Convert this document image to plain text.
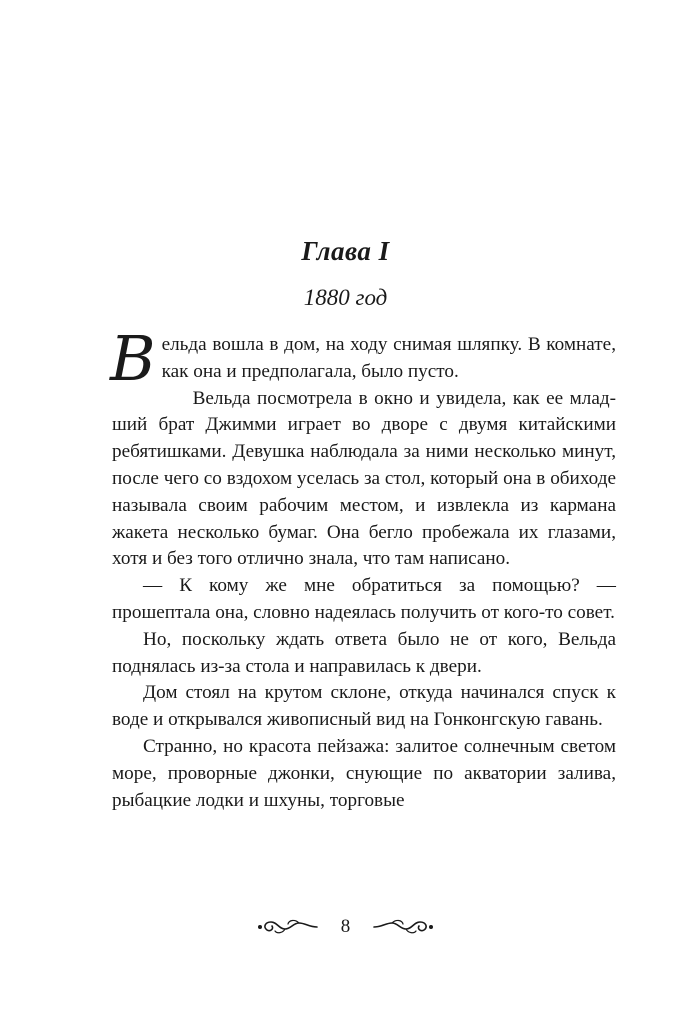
Глава I
1880 год

Вельда вошла в дом, на ходу снимая шляпку. В комнате, как она и предполагала, было пусто.

Вельда посмотрела в окно и увидела, как ее младший брат Джимми играет во дворе с двумя китайскими ребятишками. Девушка наблюдала за ними несколько минут, после чего со вздохом уселась за стол, который она в обиходе называла своим рабочим местом, и извлекла из кармана жакета несколько бумаг. Она бегло пробежала их глазами, хотя и без того отлично знала, что там написано.

— К кому же мне обратиться за помощью? — прошептала она, словно надеялась получить от кого-то совет.

Но, поскольку ждать ответа было не от кого, Вельда поднялась из-за стола и направилась к двери.

Дом стоял на крутом склоне, откуда начинался спуск к воде и открывался живописный вид на Гонконгскую гавань.

Странно, но красота пейзажа: залитое солнечным светом море, проворные джонки, снующие по акватории залива, рыбацкие лодки и шхуны, торговые

8
